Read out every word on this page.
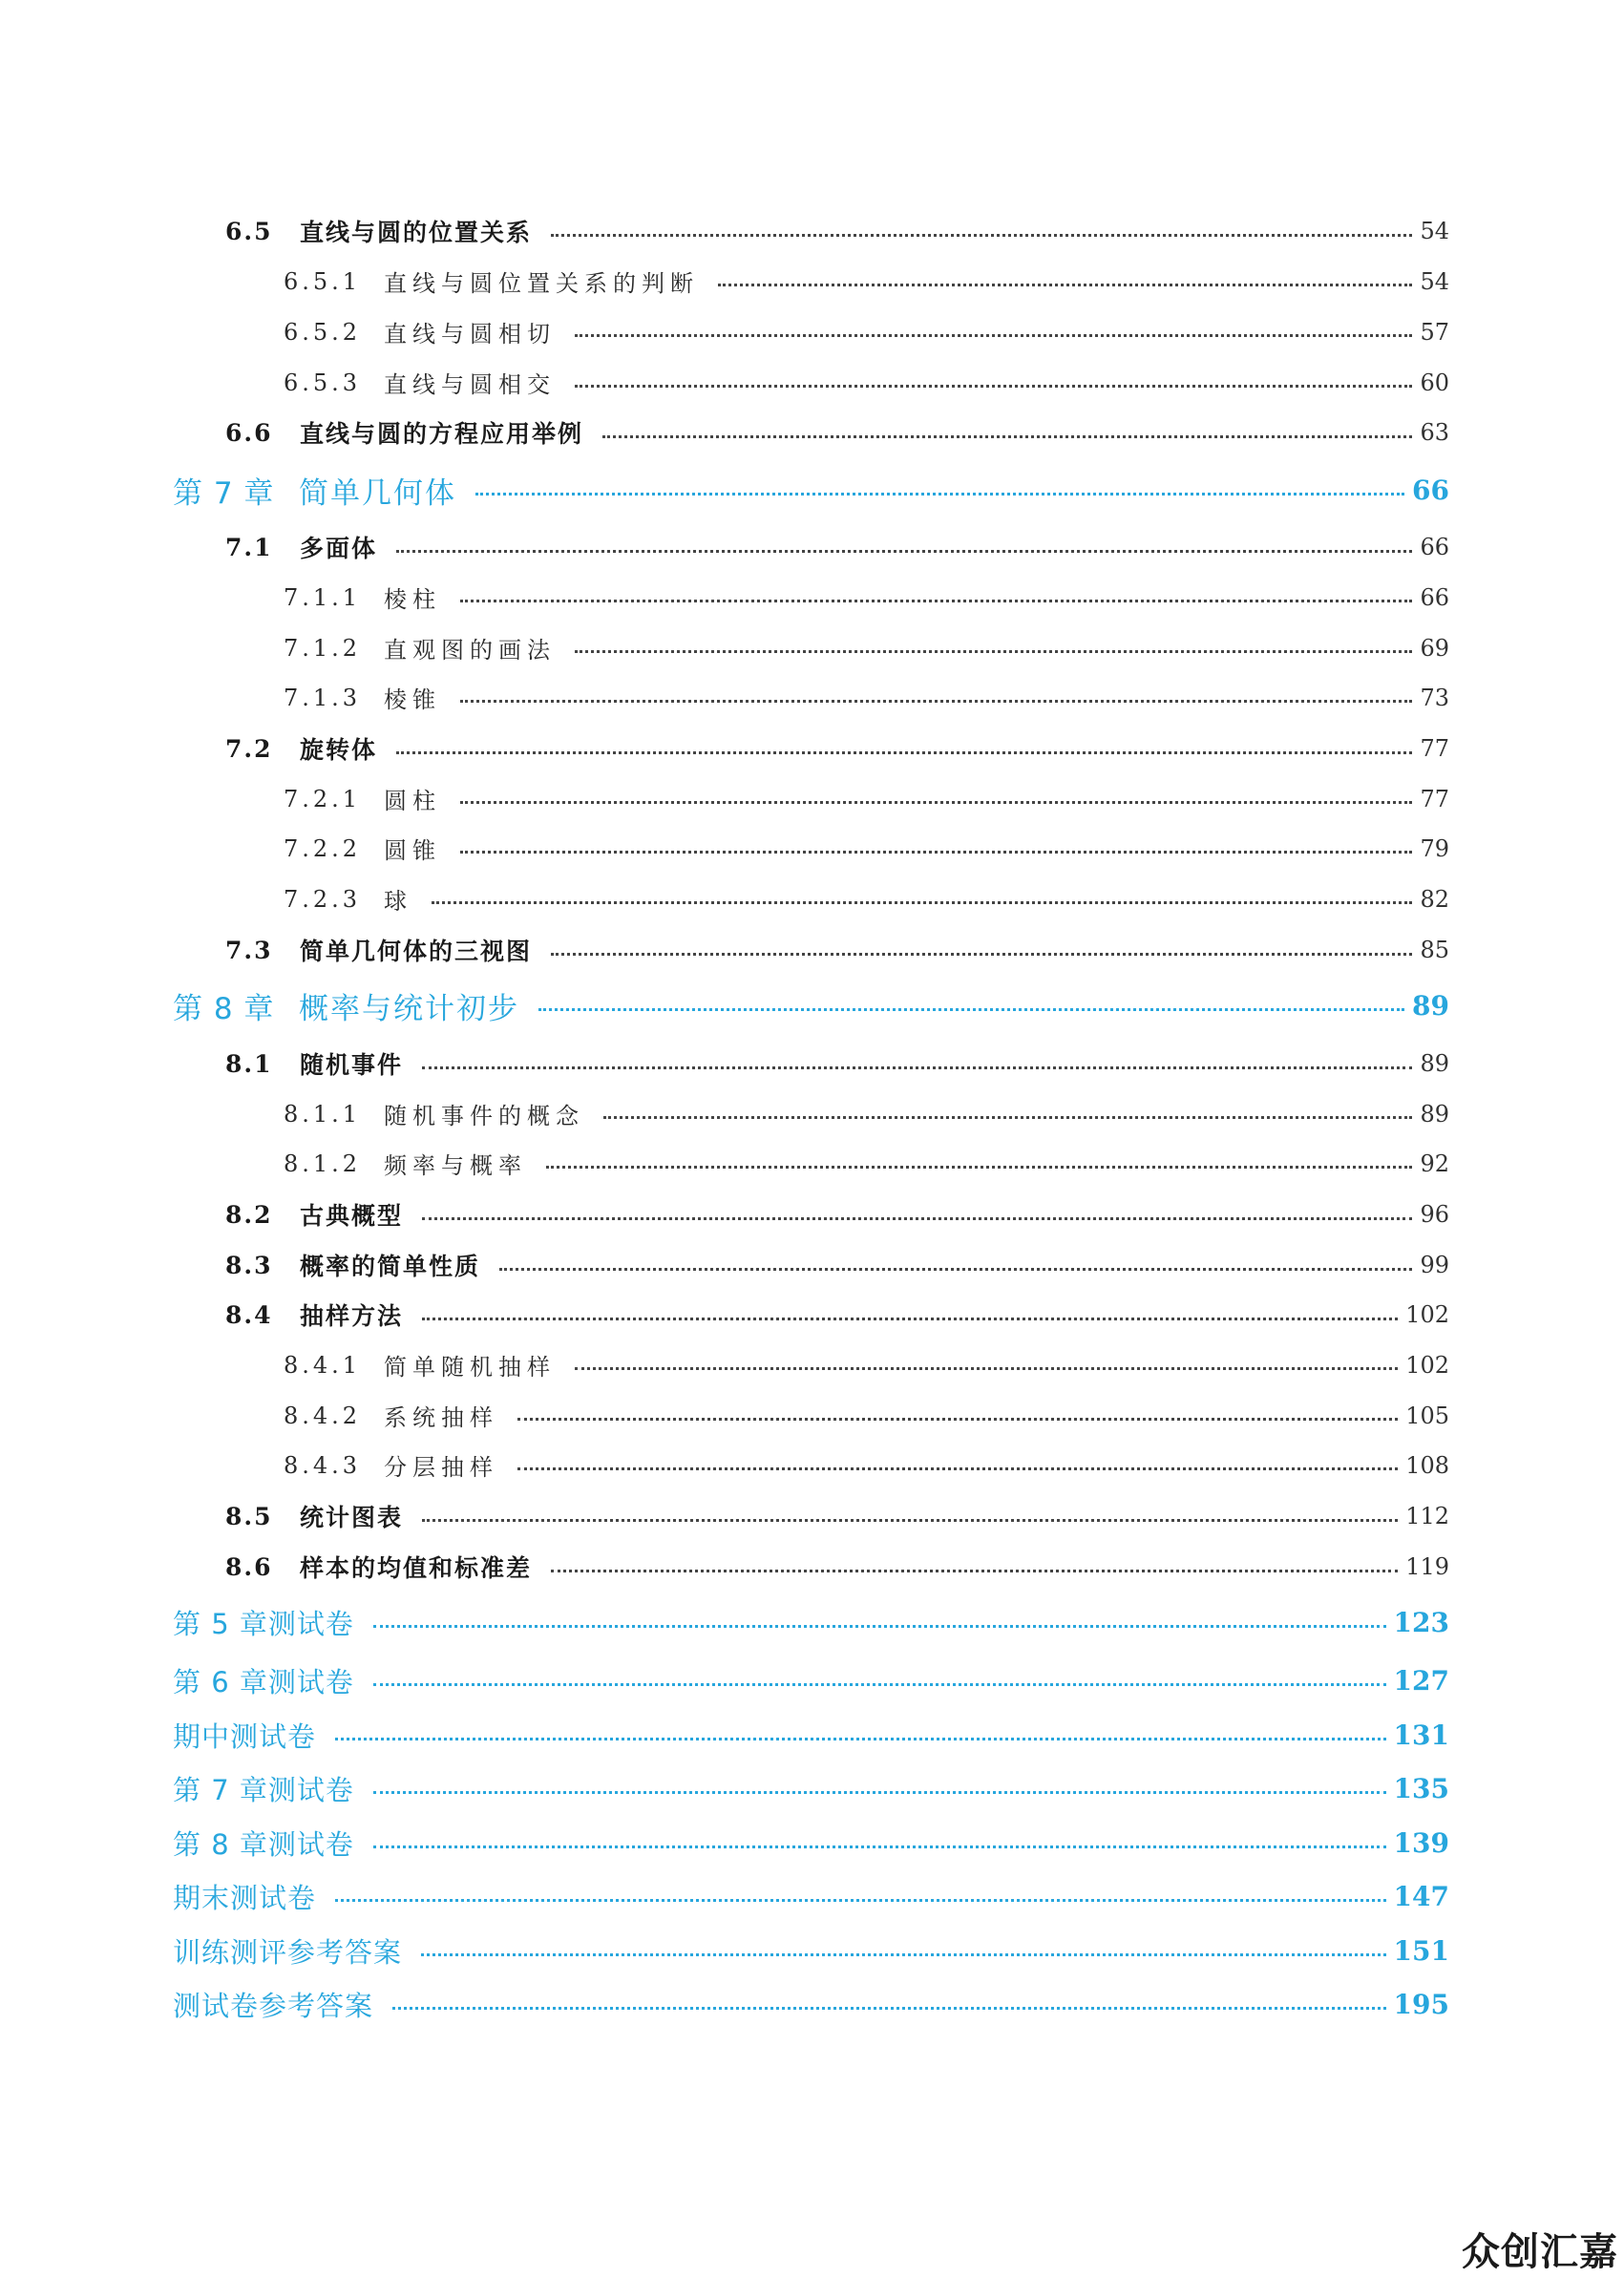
6.5	直线与圆的位置关系	54
6.5.1 直线与圆位置关系的判断	54
6.5.2 直线与圆相切	57
6.5.3 直线与圆相交	60
6.6	直线与圆的方程应用举例	63
第 7 章 简单几何体	66
7.1	多面体	66
7.1.1 棱柱	66
7.1.2 直观图的画法	69
7.1.3 棱锥	73
7.2	旋转体	77
7.2.1 圆柱	77
7.2.2 圆锥	79
7.2.3 球	82
7.3	简单几何体的三视图	85
第 8 章 概率与统计初步	89
8.1	随机事件	89
8.1.1 随机事件的概念	89
8.1.2 频率与概率	92
8.2	古典概型	96
8.3	概率的简单性质	99
8.4	抽样方法	102
8.4.1 简单随机抽样	102
8.4.2 系统抽样	105
8.4.3 分层抽样	108
8.5	统计图表	112
8.6	样本的均值和标准差	119
第 5 章测试卷	123
第 6 章测试卷	127
期中测试卷	131
第 7 章测试卷	135
第 8 章测试卷	139
期末测试卷	147
训练测评参考答案	151
测试卷参考答案	195
众创汇嘉
